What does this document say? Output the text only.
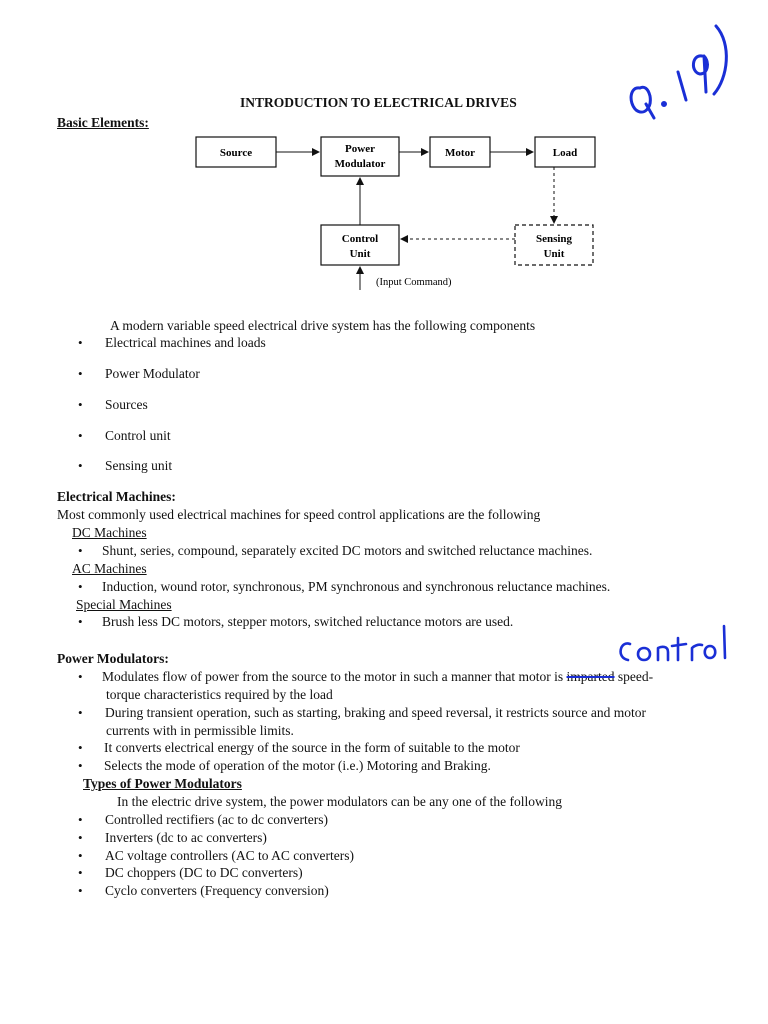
INTRODUCTION TO ELECTRICAL DRIVES
Basic Elements:
Source	Power
Modulator
Motor	Load
Control
Unit
Sensing
Unit
(Input Command)
A modern variable speed electrical drive system has the following components
• Electrical machines and loads
• Power Modulator
• Sources
• Control unit
• Sensing unit
Electrical Machines:
Most commonly used electrical machines for speed control applications are the following
DC Machines
• Shunt, series, compound, separately excited DC motors and switched reluctance machines.
AC Machines
• Induction, wound rotor, synchronous, PM synchronous and synchronous reluctance machines.
Special Machines
• Brush less DC motors, stepper motors, switched reluctance motors are used.
Power Modulators:
• Modulates flow of power from the source to the motor in such a manner that motor is imparted speed-
torque characteristics required by the load
• During transient operation, such as starting, braking and speed reversal, it restricts source and motor
currents with in permissible limits.
• It converts electrical energy of the source in the form of suitable to the motor
• Selects the mode of operation of the motor (i.e.) Motoring and Braking.
Types of Power Modulators
In the electric drive system, the power modulators can be any one of the following
• Controlled rectifiers (ac to dc converters)
• Inverters (dc to ac converters)
• AC voltage controllers (AC to AC converters)
• DC choppers (DC to DC converters)
• Cyclo converters (Frequency conversion)
